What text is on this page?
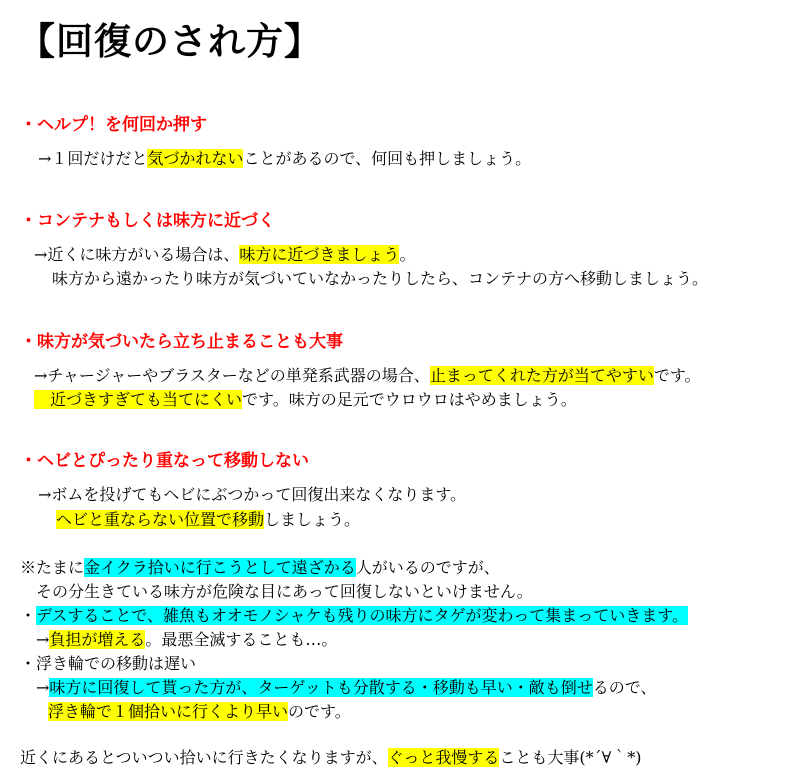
【回復のされ方】

・ヘルプ！を何回か押す

→１回だけだと気づかれないことがあるので、何回も押しましょう。

・コンテナもしくは味方に近づく

→近くに味方がいる場合は、味方に近づきましょう。

味方から遠かったり味方が気づいていなかったりしたら、コンテナの方へ移動しましょう。

・味方が気づいたら立ち止まることも大事

→チャージャーやブラスターなどの単発系武器の場合、止まってくれた方が当てやすいです。

　近づきすぎても当てにくいです。味方の足元でウロウロはやめましょう。

・ヘビとぴったり重なって移動しない

→ボムを投げてもヘビにぶつかって回復出来なくなります。

ヘビと重ならない位置で移動しましょう。

※たまに金イクラ拾いに行こうとして遠ざかる人がいるのですが、

その分生きている味方が危険な目にあって回復しないといけません。

・デスすることで、雑魚もオオモノシャケも残りの味方にタゲが変わって集まっていきます。

→負担が増える。最悪全滅することも…。

・浮き輪での移動は遅い

→味方に回復して貰った方が、ターゲットも分散する・移動も早い・敵も倒せるので、

浮き輪で１個拾いに行くより早いのです。

近くにあるとついつい拾いに行きたくなりますが、ぐっと我慢することも大事(*´∀｀*)
